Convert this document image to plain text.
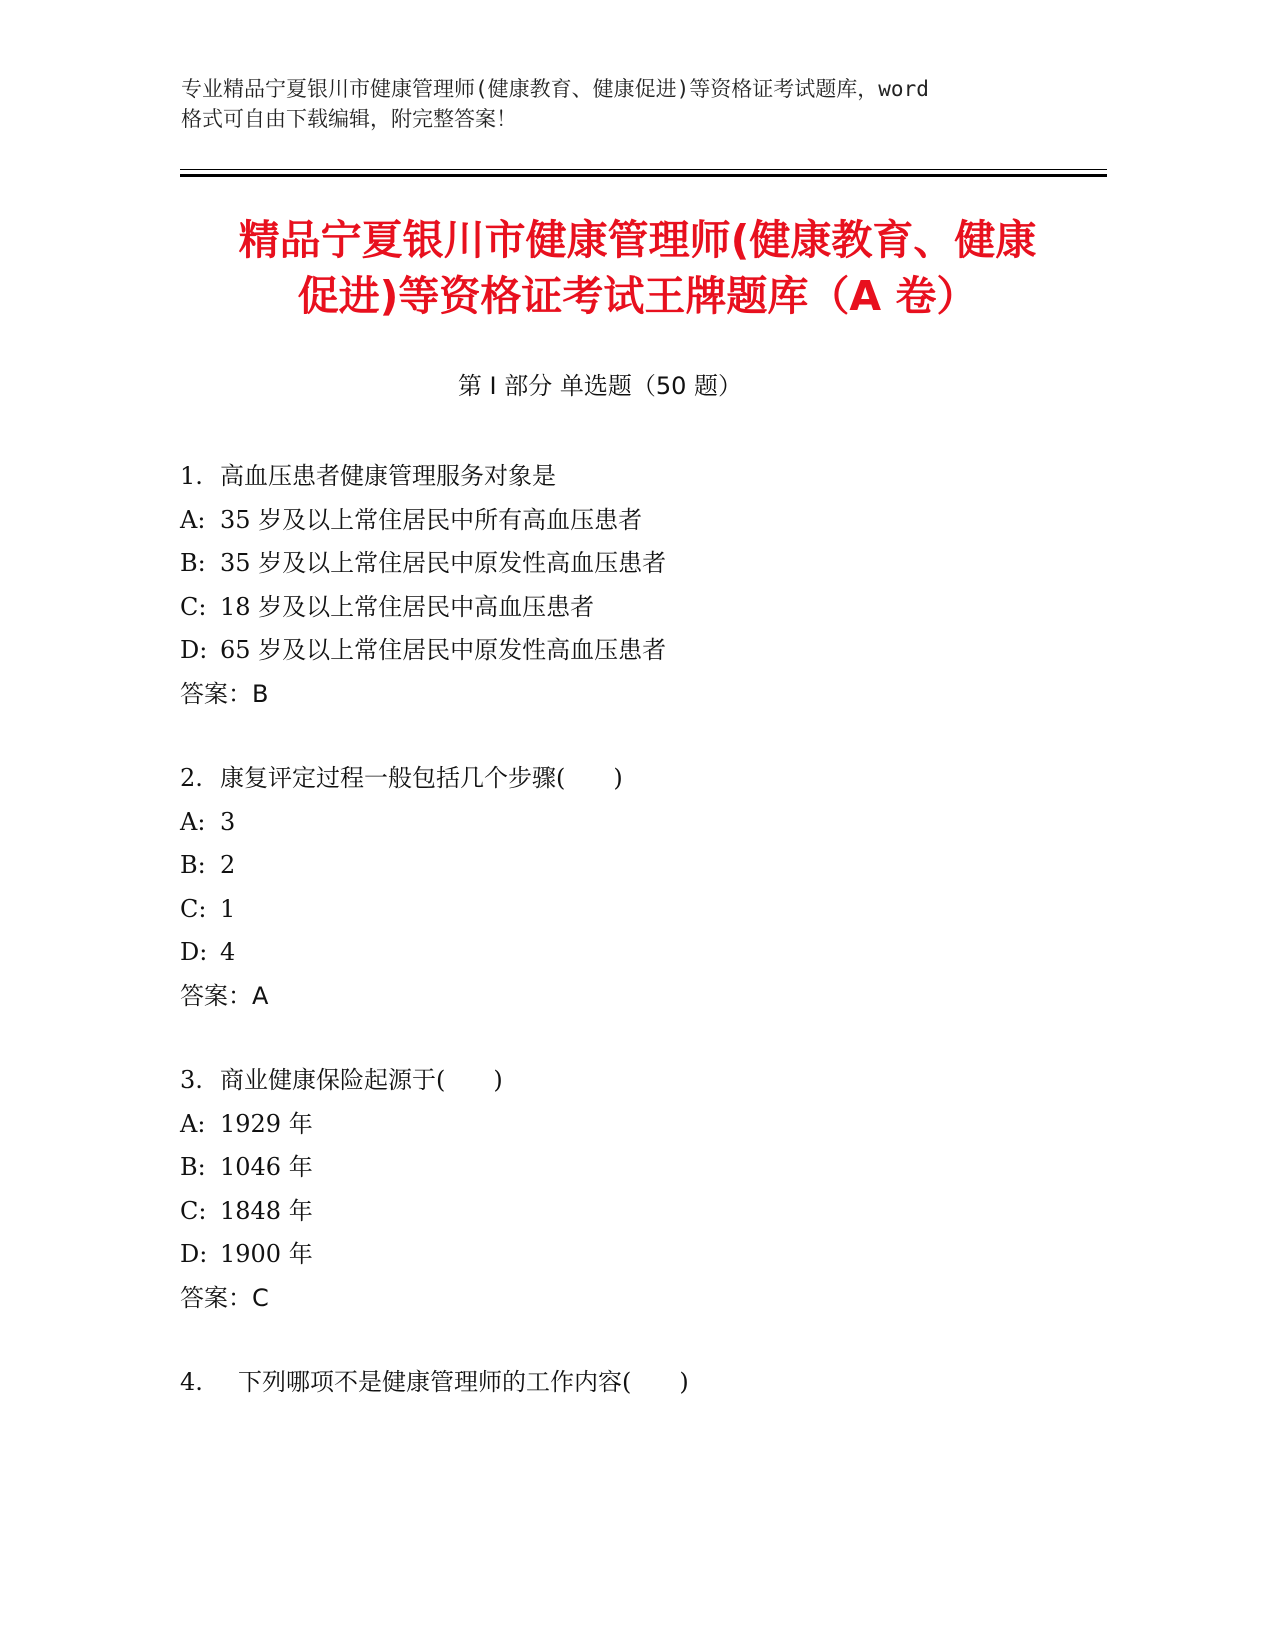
专业精品宁夏银川市健康管理师(健康教育、健康促进)等资格证考试题库，word
格式可自由下载编辑，附完整答案！
精品宁夏银川市健康管理师(健康教育、健康
促进)等资格证考试王牌题库（A 卷）
第 I 部分 单选题（50 题）
1. 高血压患者健康管理服务对象是
A: 35 岁及以上常住居民中所有高血压患者
B: 35 岁及以上常住居民中原发性高血压患者
C: 18 岁及以上常住居民中高血压患者
D: 65 岁及以上常住居民中原发性高血压患者
答案：B
2. 康复评定过程一般包括几个步骤(　　)
A: 3
B: 2
C: 1
D: 4
答案：A
3. 商业健康保险起源于(　　)
A: 1929 年
B: 1046 年
C: 1848 年
D: 1900 年
答案：C
4. 下列哪项不是健康管理师的工作内容(　　)
